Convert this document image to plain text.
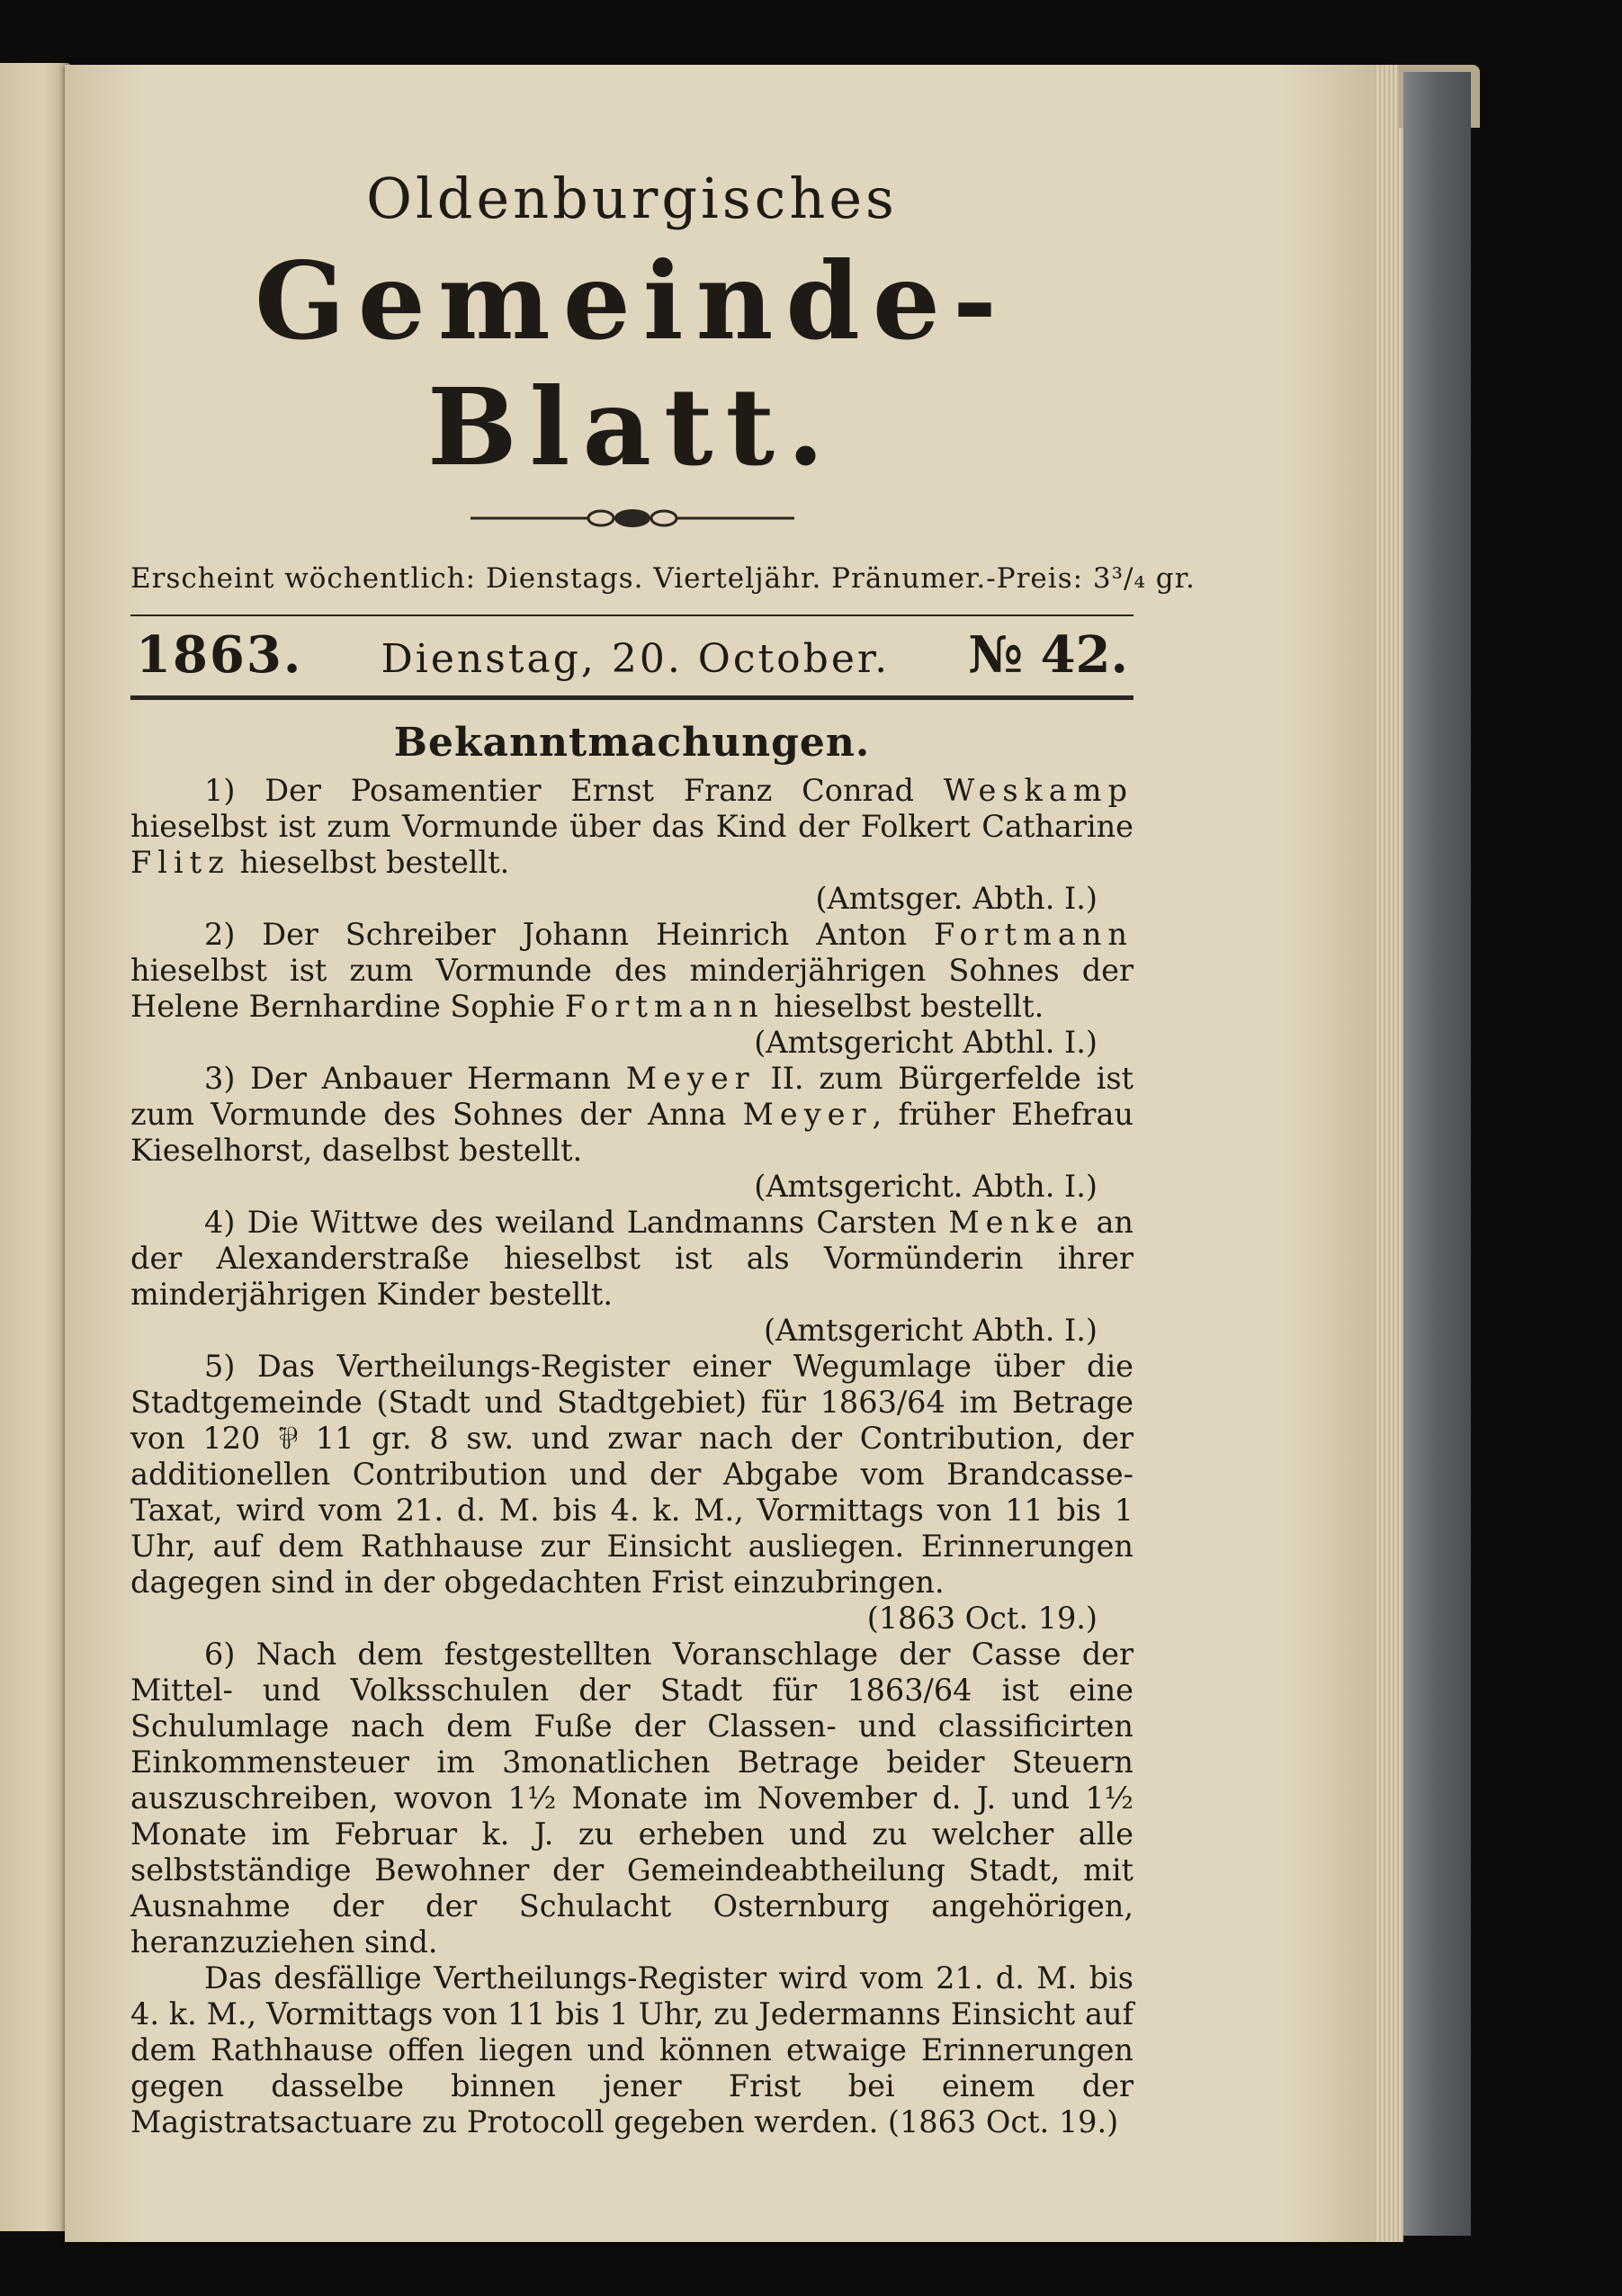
Oldenburgisches
Gemeinde-Blatt.
Erscheint wöchentlich: Dienstags. Vierteljähr. Pränumer.-Preis: 3³/₄ gr.
1863. Dienstag, 20. October. № 42.
Bekanntmachungen.

1) Der Posamentier Ernst Franz Conrad Weskamp hieselbst ist zum Vormunde über das Kind der Folkert Catharine Flitz hieselbst bestellt.

(Amtsger. Abth. I.)

2) Der Schreiber Johann Heinrich Anton Fortmann hieselbst ist zum Vormunde des minderjährigen Sohnes der Helene Bernhardine Sophie Fortmann hieselbst bestellt.

(Amtsgericht Abthl. I.)

3) Der Anbauer Hermann Meyer II. zum Bürgerfelde ist zum Vormunde des Sohnes der Anna Meyer, früher Ehefrau Kieselhorst, daselbst bestellt.

(Amtsgericht. Abth. I.)

4) Die Wittwe des weiland Landmanns Carsten Menke an der Alexanderstraße hieselbst ist als Vormünderin ihrer minderjährigen Kinder bestellt.

(Amtsgericht Abth. I.)

5) Das Vertheilungs-Register einer Wegumlage über die Stadtgemeinde (Stadt und Stadtgebiet) für 1863/64 im Betrage von 120 ⅌ 11 gr. 8 sw. und zwar nach der Contribution, der additionellen Contribution und der Abgabe vom Brandcasse-Taxat, wird vom 21. d. M. bis 4. k. M., Vormittags von 11 bis 1 Uhr, auf dem Rathhause zur Einsicht ausliegen. Erinnerungen dagegen sind in der obgedachten Frist einzubringen.

(1863 Oct. 19.)

6) Nach dem festgestellten Voranschlage der Casse der Mittel- und Volksschulen der Stadt für 1863/64 ist eine Schulumlage nach dem Fuße der Classen- und classificirten Einkommensteuer im 3monatlichen Betrage beider Steuern auszuschreiben, wovon 1½ Monate im November d. J. und 1½ Monate im Februar k. J. zu erheben und zu welcher alle selbstständige Bewohner der Gemeindeabtheilung Stadt, mit Ausnahme der der Schulacht Osternburg angehörigen, heranzuziehen sind.

Das desfällige Vertheilungs-Register wird vom 21. d. M. bis 4. k. M., Vormittags von 11 bis 1 Uhr, zu Jedermanns Einsicht auf dem Rathhause offen liegen und können etwaige Erinnerungen gegen dasselbe binnen jener Frist bei einem der Magistratsactuare zu Protocoll gegeben werden. (1863 Oct. 19.)
